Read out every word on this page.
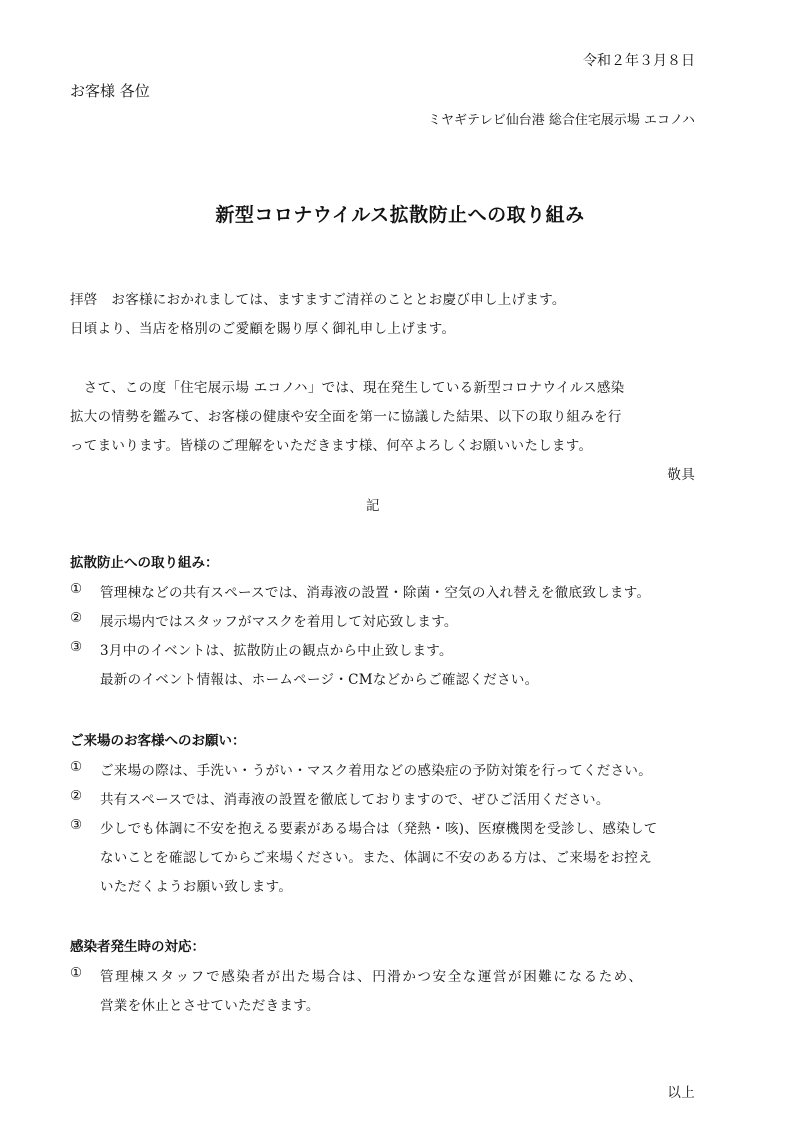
令和２年３月８日
お客様 各位
ミヤギテレビ仙台港 総合住宅展示場 エコノハ
新型コロナウイルス拡散防止への取り組み
拝啓　お客様におかれましては、ますますご清祥のこととお慶び申し上げます。
日頃より、当店を格別のご愛顧を賜り厚く御礼申し上げます。
　さて、この度「住宅展示場 エコノハ」では、現在発生している新型コロナウイルス感染
拡大の情勢を鑑みて、お客様の健康や安全面を第一に協議した結果、以下の取り組みを行
ってまいります。皆様のご理解をいただきます様、何卒よろしくお願いいたします。
敬具
記
拡散防止への取り組み：
① 管理棟などの共有スペースでは、消毒液の設置・除菌・空気の入れ替えを徹底致します。
② 展示場内ではスタッフがマスクを着用して対応致します。
③ 3月中のイベントは、拡散防止の観点から中止致します。
最新のイベント情報は、ホームページ・CMなどからご確認ください。
ご来場のお客様へのお願い：
① ご来場の際は、手洗い・うがい・マスク着用などの感染症の予防対策を行ってください。
② 共有スペースでは、消毒液の設置を徹底しておりますので、ぜひご活用ください。
③ 少しでも体調に不安を抱える要素がある場合は（発熱・咳)、医療機関を受診し、感染して
ないことを確認してからご来場ください。また、体調に不安のある方は、ご来場をお控え
いただくようお願い致します。
感染者発生時の対応：
① 管理棟スタッフで感染者が出た場合は、円滑かつ安全な運営が困難になるため、
営業を休止とさせていただきます。
以上
